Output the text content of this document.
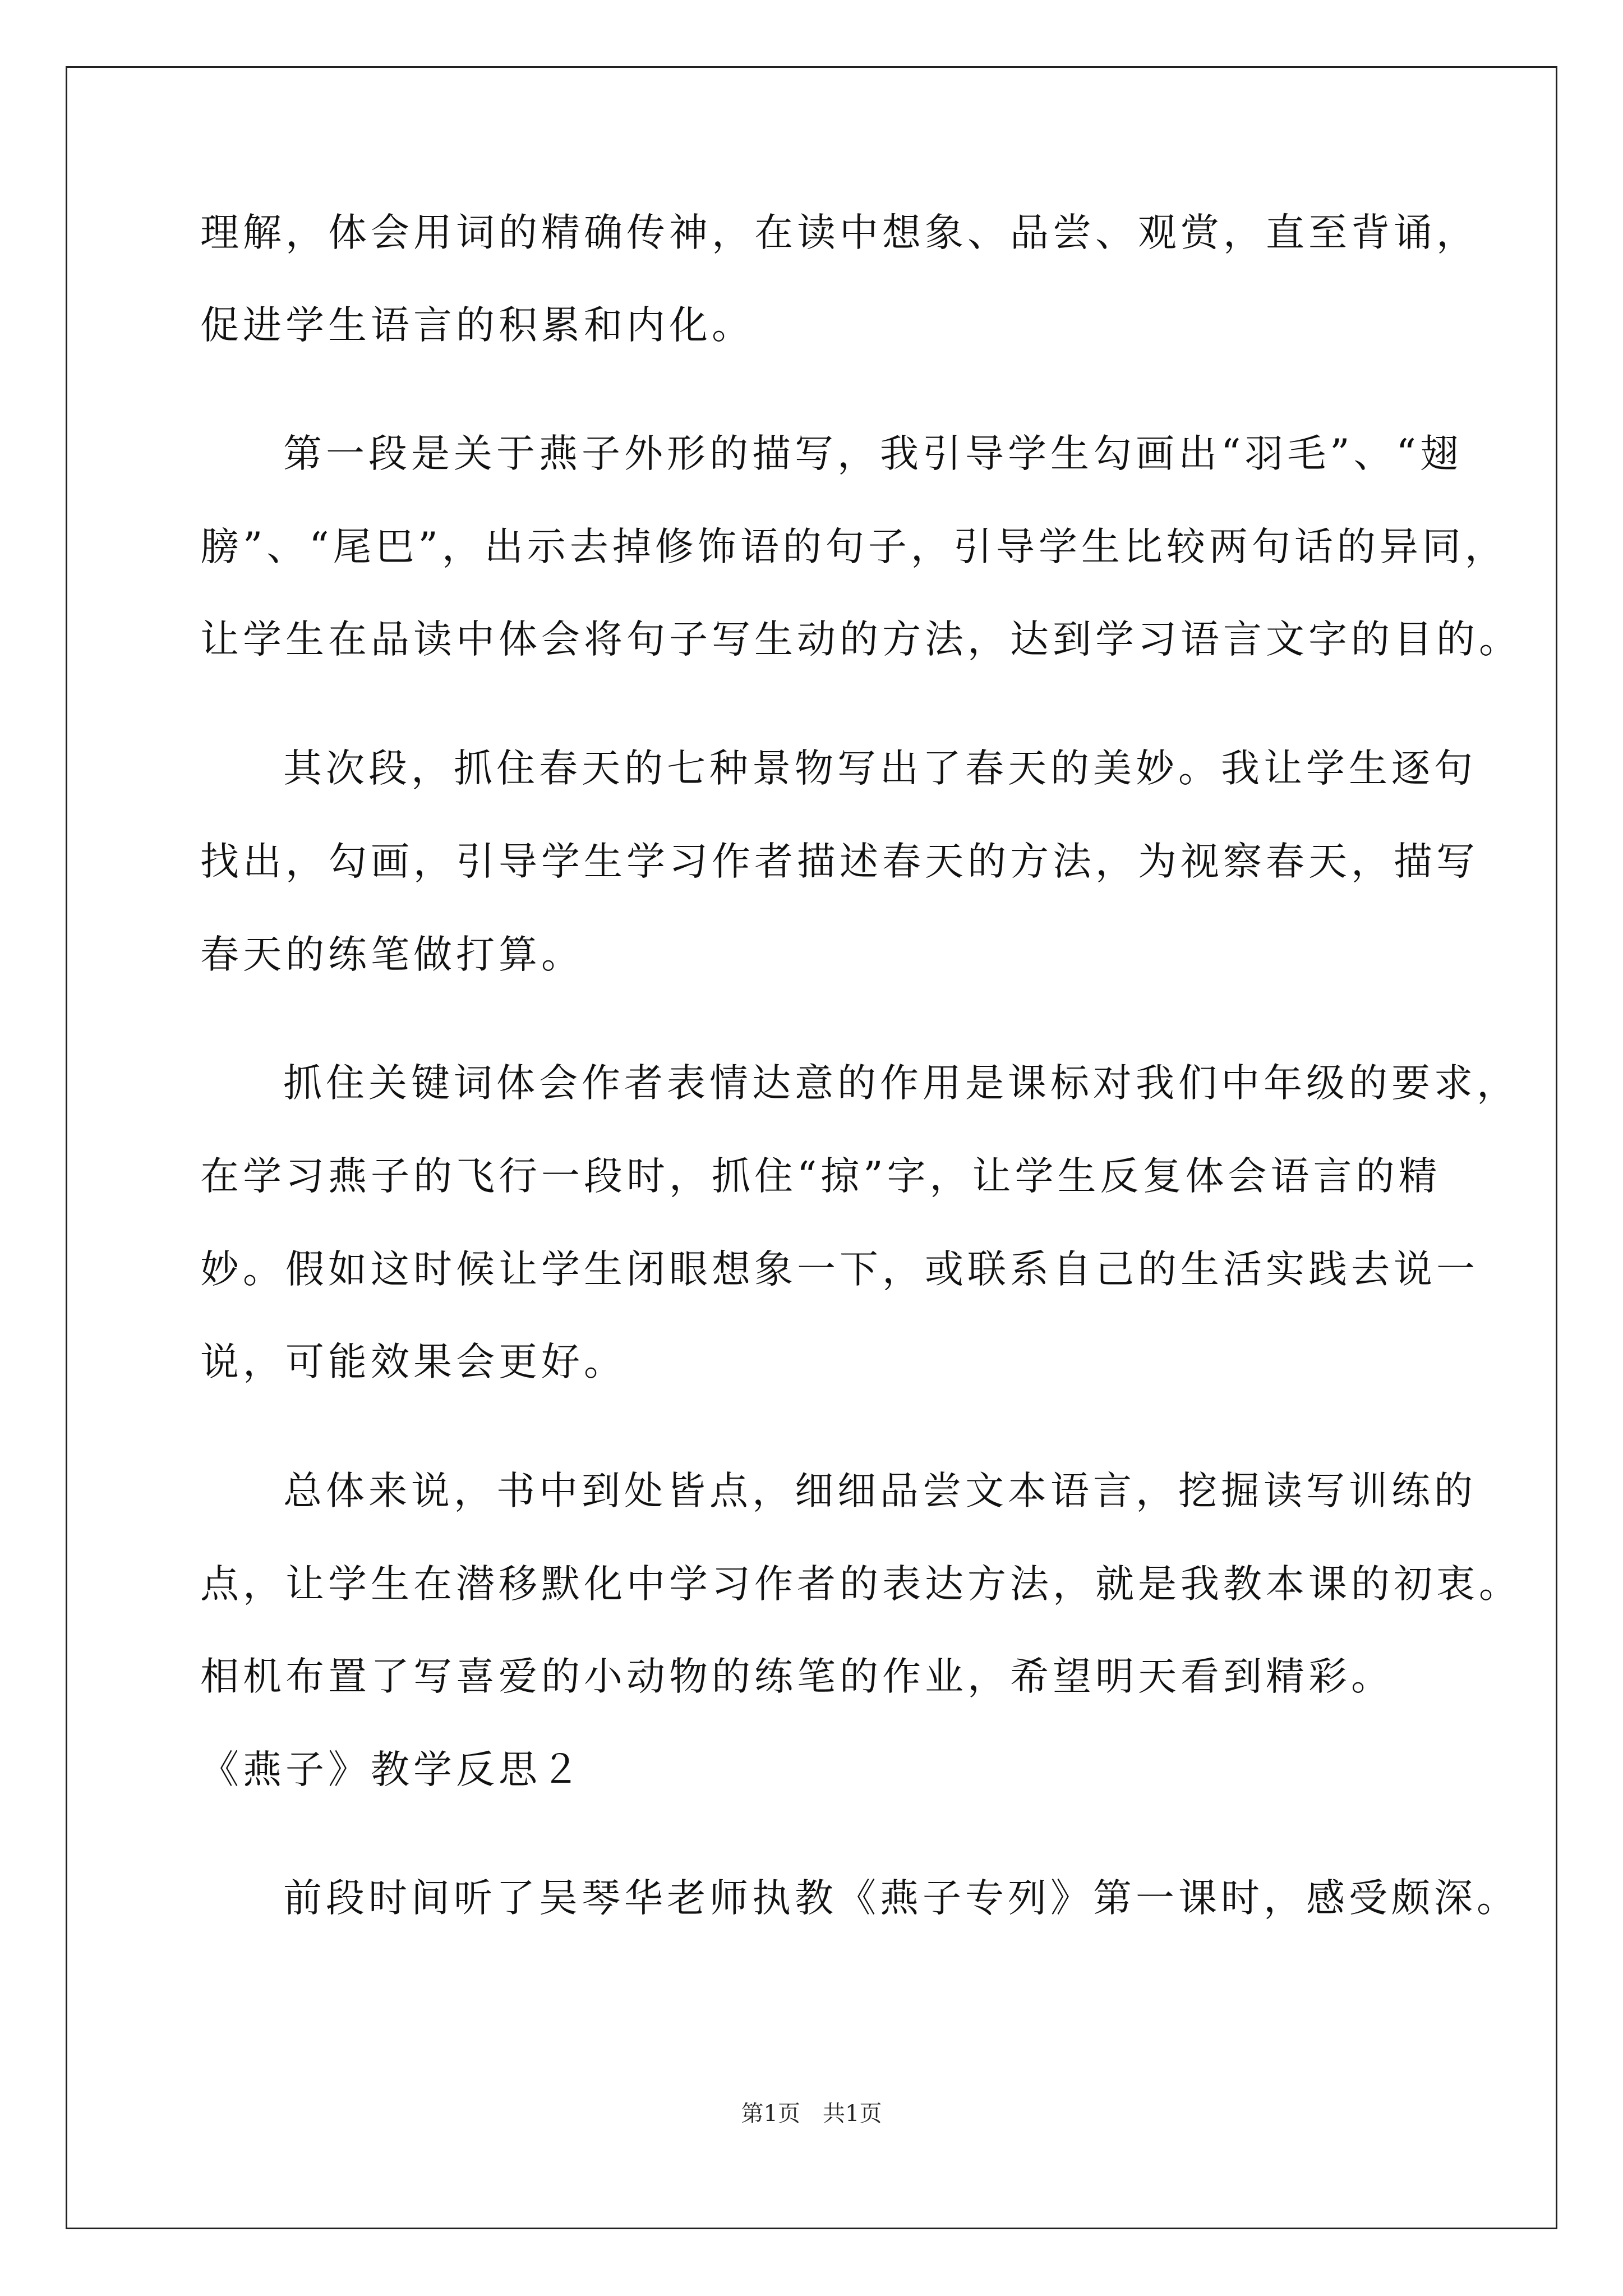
理解，体会用词的精确传神，在读中想象、品尝、观赏，直至背诵，
促进学生语言的积累和内化。
第一段是关于燕子外形的描写，我引导学生勾画出“羽毛”、“翅
膀”、“尾巴”，出示去掉修饰语的句子，引导学生比较两句话的异同，
让学生在品读中体会将句子写生动的方法，达到学习语言文字的目的。
其次段，抓住春天的七种景物写出了春天的美妙。我让学生逐句
找出，勾画，引导学生学习作者描述春天的方法，为视察春天，描写
春天的练笔做打算。
抓住关键词体会作者表情达意的作用是课标对我们中年级的要求，
在学习燕子的飞行一段时，抓住“掠”字，让学生反复体会语言的精
妙。假如这时候让学生闭眼想象一下，或联系自己的生活实践去说一
说，可能效果会更好。
总体来说，书中到处皆点，细细品尝文本语言，挖掘读写训练的
点，让学生在潜移默化中学习作者的表达方法，就是我教本课的初衷。
相机布置了写喜爱的小动物的练笔的作业，希望明天看到精彩。
《燕子》教学反思２
前段时间听了吴琴华老师执教《燕子专列》第一课时，感受颇深。
第1页 共1页
